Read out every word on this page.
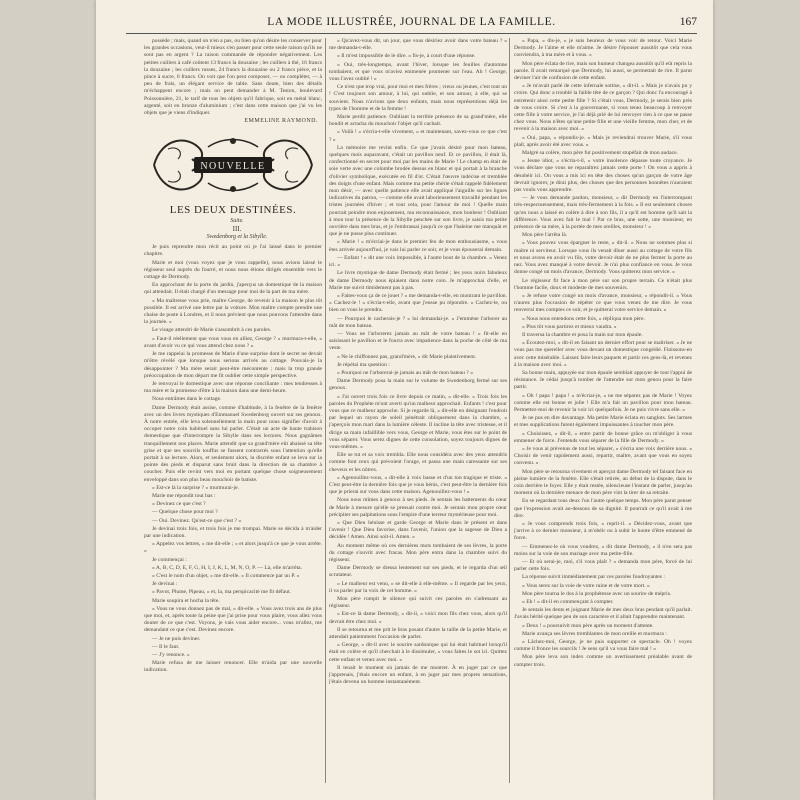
LA MODE ILLUSTRÉE, JOURNAL DE LA FAMILLE.	167

possède ; mais, quand on n'en a pas, ou bien qu'on désire les conserver pour les grandes occasions, veut-il mieux s'en passer pour cette seule raison qu'ils ne sont pas en argent ? La raison commande de répondre négativement. Les petites cuillers à café coûtent 13 francs la douzaine ; les cuillers à thé, 16 francs la douzaine ; les cuillers russes, 24 francs la douzaine ou 2 francs pièce, et la pince à sucre, 6 francs. On voit que l'on peut composer, — ou compléter, — à peu de frais, un élégant service de table. Sans doute, bien des détails m'échappent encore ; mais on peut demander à M. Teston, boulevard Poissonnière, 21, le tarif de tous les objets qu'il fabrique, soit en métal blanc, argenté, soit en bronze d'aluminium ; c'est dans cette maison que j'ai vu les objets que je viens d'indiquer.

EMMELINE RAYMOND.
NOUVELLE
LES DEUX DESTINÉES.

Suite.

III.

Swedenborg et la Sibylle.

Je puis reprendre mon récit au point où je l'ai laissé dans le premier chapitre.

Marie et moi (vous voyez que je vous rappelle), nous avions laissé le régisseur seul auprès du fourré, et nous nous étions dirigés ensemble vers le cottage de Dermody.

En approchant de la porte du jardin, j'aperçus un domestique de la maison qui attendait. Il était chargé d'un message pour moi de la part de ma mère.

« Ma maîtresse vous prie, maître George, de revenir à la maison le plus tôt possible. Il est arrivé une lettre par la voiture. Mon maître compte prendre une chaise de poste à Londres, et il nous prévient que nous pouvons l'attendre dans la journée. »

Le visage attendri de Marie s'assombrit à ces paroles.

« Faut-il réellement que vous vous en alliez, George ? » murmura-t-elle, « avant d'avoir vu ce qui vous attend chez nous ? »

Je me rappelai la promesse de Marie d'une surprise dont le secret ne devait m'être révélé que lorsque nous serions arrivés au cottage. Pouvais-je la désappointer ? Ma mère serait peut-être mécontente ; mais la trop grande préoccupation de mon départ me fit oublier cette simple perspective.

Je renvoyai le domestique avec une réponse conciliante : mes tendresses à ma mère et la promesse d'être à la maison dans une demi-heure.

Nous entrâmes dans le cottage.

Dame Dermody était assise, comme d'habitude, à la fenêtre de la fenêtre avec un des livres mystiques d'Emmanuel Swedenborg ouvert sur ses genoux. À notre entrée, elle leva solennellement la main pour nous signifier d'avoir à occuper notre coin habituel sans lui parler. C'était un acte de haute trahison domestique que d'interrompre la Sibylle dans ses lectures. Nous gagnâmes tranquillement nos places. Marie attendit que sa grand'mère eût abaissé sa tête grise et que ses sourcils touffus se fussent contractés sous l'attention qu'elle portait à sa lecture. Alors, et seulement alors, la discrète enfant se leva sur la pointe des pieds et disparut sans bruit dans la direction de sa chambre à coucher. Puis elle revint vers moi en portant quelque chose soigneusement enveloppé dans son plus beau mouchoir de batiste.

« Est-ce là la surprise ? » murmurai-je.

Marie me répondit tout bas :

« Devinez ce que c'est ?

— Quelque chose pour moi ?

— Oui. Devinez. Qu'est-ce que c'est ? »

Je devinai trois fois, et trois fois je me trompai. Marie se décida à m'aider par une indication.

« Appelez vos lettres, » me dit-elle ; « et alors jusqu'à ce que je vous arrête. »

Je commençai :

« A, B, C, D, E, F, G, H, I, J, K, L, M, N, O, P. — Là, elle m'arrêta.

« C'est le nom d'un objet, » me dit-elle. « Il commence par un P. »

Je devinai :

« Pavot, Plume, Pipeau, » et, la, ma perspicacité me fit défaut.

Marie soupira et hocha la tête.

« Vous ne vous donnez pas de mal, » dit-elle. « Vous avez trois ans de plus que moi, et, après toute la peine que j'ai prise pour vous plaire, vous allez vous douter de ce que c'est. Voyons, je vais vous aider encore... vous m'allez, me demandant ce que c'est. Devinez encore.

— Je ne puis deviner.

— Il le faut.

— J'y renonce. »

Marie refusa de me laisser renoncer. Elle m'aida par une nouvelle indication.

« Qu'avez-vous dit, un jour, que vous désiriez avoir dans votre bateau ? » me demanda-t-elle.

« Il m'est impossible de le dire. » fis-je, à court d'une réponse.

« Oui, très-longtemps, avant l'hiver, lorsque les feuilles d'automne tombaient, et que vous m'aviez emmenée promener sur l'eau. Ah ! George, vous l'avez oublié ! »

Ce n'est que trop vrai, pour moi et mes frères ; vieux ou jeunes, c'est tout un ! C'est toujours son amour, à lui, qui oublie, et son amour, à elle, qui se souvient. Nous n'avions que deux enfants, mais nous représentions déjà les types de l'homme et de la femme !

Marie perdit patience. Oubliant la terrible présence de sa grand'mère, elle bondit et arracha du mouchoir l'objet qu'il cachait.

« Voilà ! » s'écria-t-elle vivement, « et maintenant, savez-vous ce que c'est ? »

La mémoire me revint enfin. Ce que j'avais désiré pour mon bateau, quelques mois auparavant, c'était un pavillon neuf. Et ce pavillon, il était là, confectionné en secret pour moi par les mains de Marie ! Le champ en était de soie verte avec une colombe brodée dessus en blanc et qui portait à la branche d'olivier symbolique, exécutée en fil d'or. C'était l'œuvre indécise et tremblée des doigts d'une enfant. Mais comme ma petite chérie s'était rappelé fidèlement mon désir, — avec quelle patience elle avait appliqué l'aiguille sur les lignes indicatives du patron, — comme elle avait laborieusement travaillé pendant les tristes journées d'hiver ; et tout cela, pour l'amour de moi ! Quelle main pourrait peindre mon enjouement, ma reconnaissance, mon bonheur ! Oubliant à mon tour la présence de la Sibylle penchée sur son livre, je saisis ma petite ouvrière dans mes bras, et je l'embrassai jusqu'à ce que l'haleine me manquât et que je ne pusse plus continuer.

« Marie ! » m'écriai-je dans le premier feu de mon enthousiasme, « vous êtes arrivée aujourd'hui, je vais lui parler ce soir, et je vous épouserai demain.

— Enfant ! » dit une voix impossible, à l'autre bout de la chambre. « Venez ici. »

Le livre mystique de dame Dermody était fermé ; les yeux noirs fabuleux de dame Dermody nous épiaient dans notre coin. Je m'approchai d'elle, et Marie me suivit timidement pas à pas.

« Faites-vous ça de ce jouet ? » me demanda-t-elle, en montrant le pavillon. « Cachez-le ! » s'écria-t-elle, avant que j'eusse pu répondre. « Cachez-le, ou bien on vous le prendra.

— Pourquoi le cacherais-je ? » lui demandai-je. « J'emmène l'arborer au mât de mon bateau.

— Vous ne l'arborerez jamais au mât de votre bateau ! » fit-elle en saisissant le pavillon et le fourra avec impatience dans la poche de côté de ma veste.

« Ne le chiffonnez pas, grand'mère, » dit Marie plaintivement.

Je répétai ma question :

« Pourquoi ne l'arborerai-je jamais au mât de mon bateau ? »

Dame Dermody posa la main sur le volume de Swedenborg fermé sur ses genoux.

« J'ai ouvert trois fois ce livre depuis ce matin, » dit-elle. « Trois fois les paroles du Prophète m'ont averti qu'un malheur approchait. Enfants ! c'est pour vous que ce malheur approche. Si je regarde là, » dit-elle en désignant l'endroit par lequel un rayon de soleil pénétrait obliquement dans la chambre, « j'aperçois mon mari dans la lumière céleste. Il incline la tête avec tristesse, et il dirige sa main infaillible vers vous, George et Marie, vous êtes sur le point de vous séparer. Vous serez dignes de cette consolation, soyez toujours dignes de vous-mêmes. »

Elle se tut et sa voix trembla. Elle nous considéra avec des yeux attendris comme font ceux qui prévoient l'orage, et passa une main caressante sur ses cheveux et les nôtres.

« Agenouillez-vous, » dit-elle à voix basse et d'un ton tragique et triste. « C'est peut-être la dernière fois que je vous bénis, c'est peut-être la dernière fois que je prierai sur vous dans cette maison. Agenouillez-vous ! »

Nous nous mîmes à genoux à ses pieds. Je sentais les battements du cœur de Marie à mesure qu'elle se pressait contre moi. Je sentais mon propre cœur précipiter ses palpitations sous l'empire d'une terreur mystérieuse pour moi.

« Que Dieu bénisse et garde George et Marie dans le présent et dans l'avenir ! Que Dieu favorise, dans l'avenir, l'union que la sagesse de Dieu a décidée ! Amen. Ainsi soit-il. Amen. »

Au moment même où ces dernières mots tombaient de ses lèvres, la porte du cottage s'ouvrit avec fracas. Mon père entra dans la chambre suivi du régisseur.

Dame Dermody se dressa lentement sur ses pieds, et le regarda d'un œil scrutateur.

« Le malheur est venu, » se dit-elle à elle-même. « Il regarde par les yeux, il va parler par la voix de cet homme. »

Mon père rompit le silence qui suivit ces paroles en s'adressant au régisseur.

« Est-ce là dame Dermody, » dit-il, « voici mon fils chez vous, alors qu'il devrait être chez moi. »

Il se retourna et me prit le bras posant d'autre la taille de la petite Marie, et attendait patiemment l'occasion de parler.

« George, » dit-il avec le sourire sardonique qui lui était habituel lorsqu'il était en colère et qu'il cherchait à le dissimuler, « vous faites le sot ici. Quittez cette enfant et venez avec moi. »

Il tenait le moment où jamais de me montrer. À en juger par ce que j'apprenais, j'étais encore un enfant, à en juger par mes propres sensations, j'étais devenu un homme instantanément.

« Papa, » dis-je, « je suis heureux de vous voir de retour. Voici Marie Dermody. Je l'aime et elle m'aime. Je désire l'épouser aussitôt que cela vous conviendra, à ma mère et à vous. »

Mon père éclata de rire, mais son humeur changea aussitôt qu'il eût repris la parole. Il avait remarqué que Dermody, lui aussi, se permettait de rire. Il parut deviner l'air de confusion de cette enfant.

« Je m'avait parlé de cette infernale sottise, » dit-il. « Mais je n'avais pu y croire. Qui donc a troublé la faible tête de ce garçon ? Qui donc l'a encouragé à entretenir ainsi cette petite fille ? Si c'était vous, Dermody, je serais bien près de vous croire. Si c'est à la gouvernante, si vous tenez beaucoup à renvoyer cette fille à votre service, je l'ai déjà prié de lui renvoyer rien à ce que se passe chez vous. Nous n'êtes qu'une petite fille et une vieille femme, mon cher, et de revenir à la maison avec moi. »

« Oui, papa, » répondis-je. « Mais je reviendrai trouver Marie, s'il vous plaît, après avoir été avec vous. »

Malgré sa colère, mon père fut positivement stupéfait de mon audace.

« Jeune idiot, » s'écria-t-il, « votre insolence dépasse toute croyance. Je vous déclare que vous ne reparaîtrez jamais cette porte ! On vous a appris à désobéir ici. On vous a mis ici en tête des choses qu'un garçon de votre âge devrait ignorer, je dirai plus, des choses que des personnes honnêtes n'auraient pas voulu vous apprendre.

— Je vous demande pardon, monsieur, » dit Dermody en l'interrompant très-respectueusement, mais très-fermement à la fois. « Il est seulement choses qu'on nous a laissé en colère à dire à son fils, il a qu'il est homme qu'il sait la différence. Vous avez fait le mal ! Par ce bras, une sotte, une monsieur, en présence de sa mère, à la portée de mes oreilles, monsieur ! »

Mon père l'arrêta là.

« Vous pouvez vous épargner le reste, » dit-il. « Nous ne sommes plus si maître ni serviteur. Lorsque vous ils venait dîner aussi au cottage de votre fils et nous avons en avoir vu fils, votre devoir était de ne plus fermer la porte au nez. Vous avez manqué à votre devoir. Je n'ai plus confiance en vous. Je vous donne congé un mois d'avance, Dermody. Vous quitterez mon service. »

Le régisseur fit face à mon père sur son propre terrain. Ce n'était plus l'homme facile, doux et modeste de mes souvenirs.

« Je refuse votre congé un mois d'avance, monsieur, » répondit-il. « Vous n'aurez plus l'occasion de répéter ce que vous venez de me dire. Je vous renverrai mes comptes ce soir, et je quitterai votre service demain. »

« Nous nous entendons cette fois, » répliqua mon père.

« Plus tôt vous partirez et mieux vaudra. »

Il traversa la chambre et posa la main sur mon épaule.

« Écoutez-moi, » dit-il en faisant un dernier effort pour se maîtriser. « Je ne vous pas me quereller avec vous devant un domestique congédié. Finissons-en avec cette misérable. Laissez faire leurs paquets et partir ces gens-là, et revenez à la maison avec moi. »

Sa bonne main, appuyée sur mon épaule semblait appuyer de tout l'appui de résistance. Je cédai jusqu'à tomber de l'attendre sur mon genou pour la faire partir.

« Oh ! papa ! papa ! » m'écriai-je, « ne me séparez pas de Marie ! Voyez comme elle est bonne et jolie ! Elle m'a fait un pavillon pour mon bateau. Permettez-moi de revenir la voir ici quelquefois. Je ne puis vivre sans elle. »

Je ne pus en dire davantage. Ma petite Marie éclata en sanglots. Ses larmes et mes supplications furent également impuissantes à toucher mon père.

« Choisissez, » dit-il, « entre partir de bonne grâce ou m'obliger à vous emmener de force. J'entends vous séparer de la fille de Dermody. »

« Je vous ai prévenus de tout les séparer, » s'écria une voix derrière nous. « Choisir de venir rapidement aussi, repartir, maître, avant que vous en soyez convenu. »

Mon père se retourna vivement et aperçut dame Dermody tel faisant face en pleine lumière de la fenêtre. Elle s'était retirée, au début de la dispute, dans le coin derrière le foyer. Elle y était restée, silencieuse l'instant de parler, jusqu'au moment où la dernière menace de mon père vint la tirer de sa retraite.

En se regardant tous deux l'un l'autre quelque temps. Mon père parut penser que l'expression avait au-dessous de sa dignité. Il pourrait ce qu'il avait à me dire.

« Je vous comprends trois fois, » reprit-il. « Décidez-vous, avant que j'arrive à ce dernier monsieur, à m'obéir ou à subir le honte d'être emmené de force.

— Emmenez-le où vous voudrez, » dit dame Dermody, « il n'en sera pas moins sur la voie de son mariage avec ma petite-fille.

— Et où serai-je, moi, s'il vous plaît ? » demanda mon père, forcé de lui parler cette fois.

La réponse suivit immédiatement par ces paroles foudroyantes :

« Vous serez sur la voie de votre ruine et de votre mort. »

Mon père tourna le dos à la prophétesse avec un sourire de mépris.

« Eh ! » dit-il en commençant à compter.

Je sentais les dents et joignant Marie de mes deux bras pendant qu'il parlait. J'avais hérité quelque peu de son caractère et il allait l'apprendre maintenant.

« Deux ! » poursuivit mon père après un moment d'attente.

Marie avança ses lèvres tremblantes de mon oreille et murmura :

« Lâchez-moi, George, je ne puis supporter ce spectacle. Oh ! voyez comme il fronce les sourcils ! Je sens qu'il va vous faire mal ! »

Mon père leva son index comme un avertissement préalable avant de compter trois.
